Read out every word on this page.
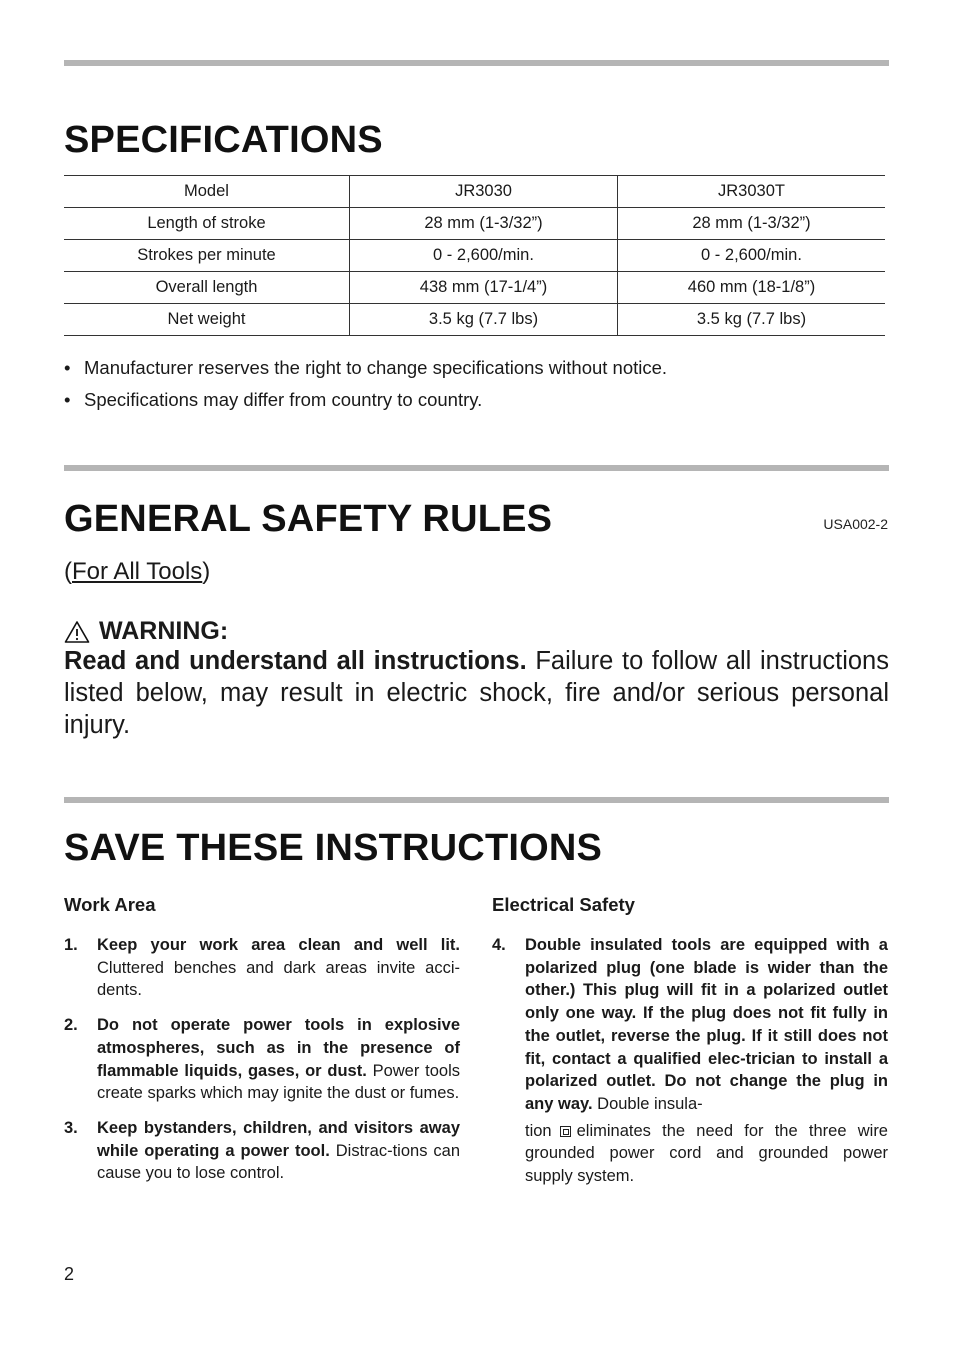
SPECIFICATIONS
Model	JR3030	JR3030T
Length of stroke	28 mm (1-3/32”)	28 mm (1-3/32”)
Strokes per minute	0 - 2,600/min.	0 - 2,600/min.
Overall length	438 mm (17-1/4”)	460 mm (18-1/8”)
Net weight	3.5 kg (7.7 lbs)	3.5 kg (7.7 lbs)
• Manufacturer reserves the right to change specifications without notice.
• Specifications may differ from country to country.
GENERAL SAFETY RULES	USA002-2
(For All Tools)
WARNING:
Read and understand all instructions. Failure to follow all instructions listed below, may result in electric shock, fire and/or serious personal injury.
SAVE THESE INSTRUCTIONS
Work Area
1.	Keep your work area clean and well lit. Cluttered benches and dark areas invite acci-dents.
2.	Do not operate power tools in explosive atmospheres, such as in the presence of flammable liquids, gases, or dust. Power tools create sparks which may ignite the dust or fumes.
3.	Keep bystanders, children, and visitors away while operating a power tool. Distrac-tions can cause you to lose control.
Electrical Safety
4.	Double insulated tools are equipped with a polarized plug (one blade is wider than the other.) This plug will fit in a polarized outlet only one way. If the plug does not fit fully in the outlet, reverse the plug. If it still does not fit, contact a qualified elec-trician to install a polarized outlet. Do not change the plug in any way. Double insula-
tion eliminates the need for the three wire grounded power cord and grounded power supply system.
2
